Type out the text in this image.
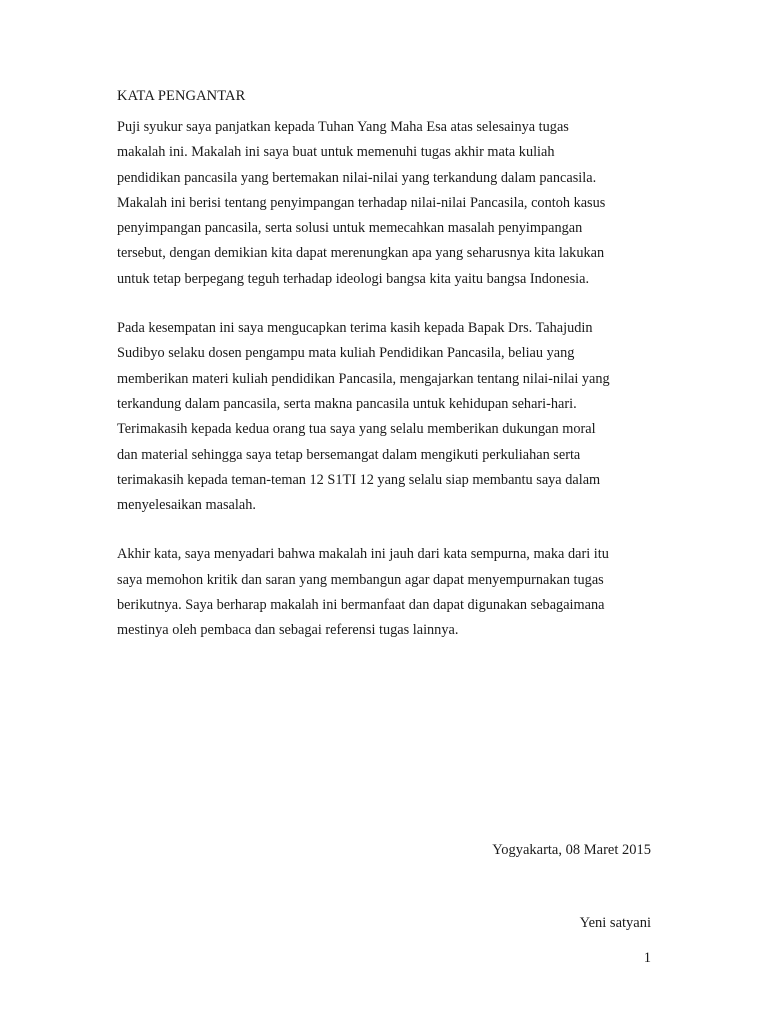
KATA PENGANTAR
Puji syukur saya panjatkan kepada Tuhan Yang Maha Esa atas selesainya tugas
makalah ini. Makalah ini saya buat untuk memenuhi tugas akhir mata kuliah
pendidikan pancasila yang bertemakan nilai-nilai yang terkandung dalam pancasila.
Makalah ini berisi tentang penyimpangan terhadap nilai-nilai Pancasila, contoh kasus
penyimpangan pancasila, serta solusi untuk memecahkan masalah penyimpangan
tersebut, dengan demikian kita dapat merenungkan apa yang seharusnya kita lakukan
untuk tetap berpegang teguh terhadap ideologi bangsa kita yaitu bangsa Indonesia.
Pada kesempatan ini saya mengucapkan terima kasih kepada Bapak Drs. Tahajudin
Sudibyo selaku dosen pengampu mata kuliah Pendidikan Pancasila, beliau yang
memberikan materi kuliah pendidikan Pancasila, mengajarkan tentang nilai-nilai yang
terkandung dalam pancasila, serta makna pancasila untuk kehidupan sehari-hari.
Terimakasih kepada kedua orang tua saya yang selalu memberikan dukungan moral
dan material sehingga saya tetap bersemangat dalam mengikuti perkuliahan serta
terimakasih kepada teman-teman 12 S1TI 12 yang selalu siap membantu saya dalam
menyelesaikan masalah.
Akhir kata, saya menyadari bahwa makalah ini jauh dari kata sempurna, maka dari itu
saya memohon kritik dan saran yang membangun agar dapat menyempurnakan tugas
berikutnya. Saya berharap makalah ini bermanfaat dan dapat digunakan sebagaimana
mestinya oleh pembaca dan sebagai referensi tugas lainnya.
Yogyakarta, 08 Maret 2015
Yeni satyani
1
